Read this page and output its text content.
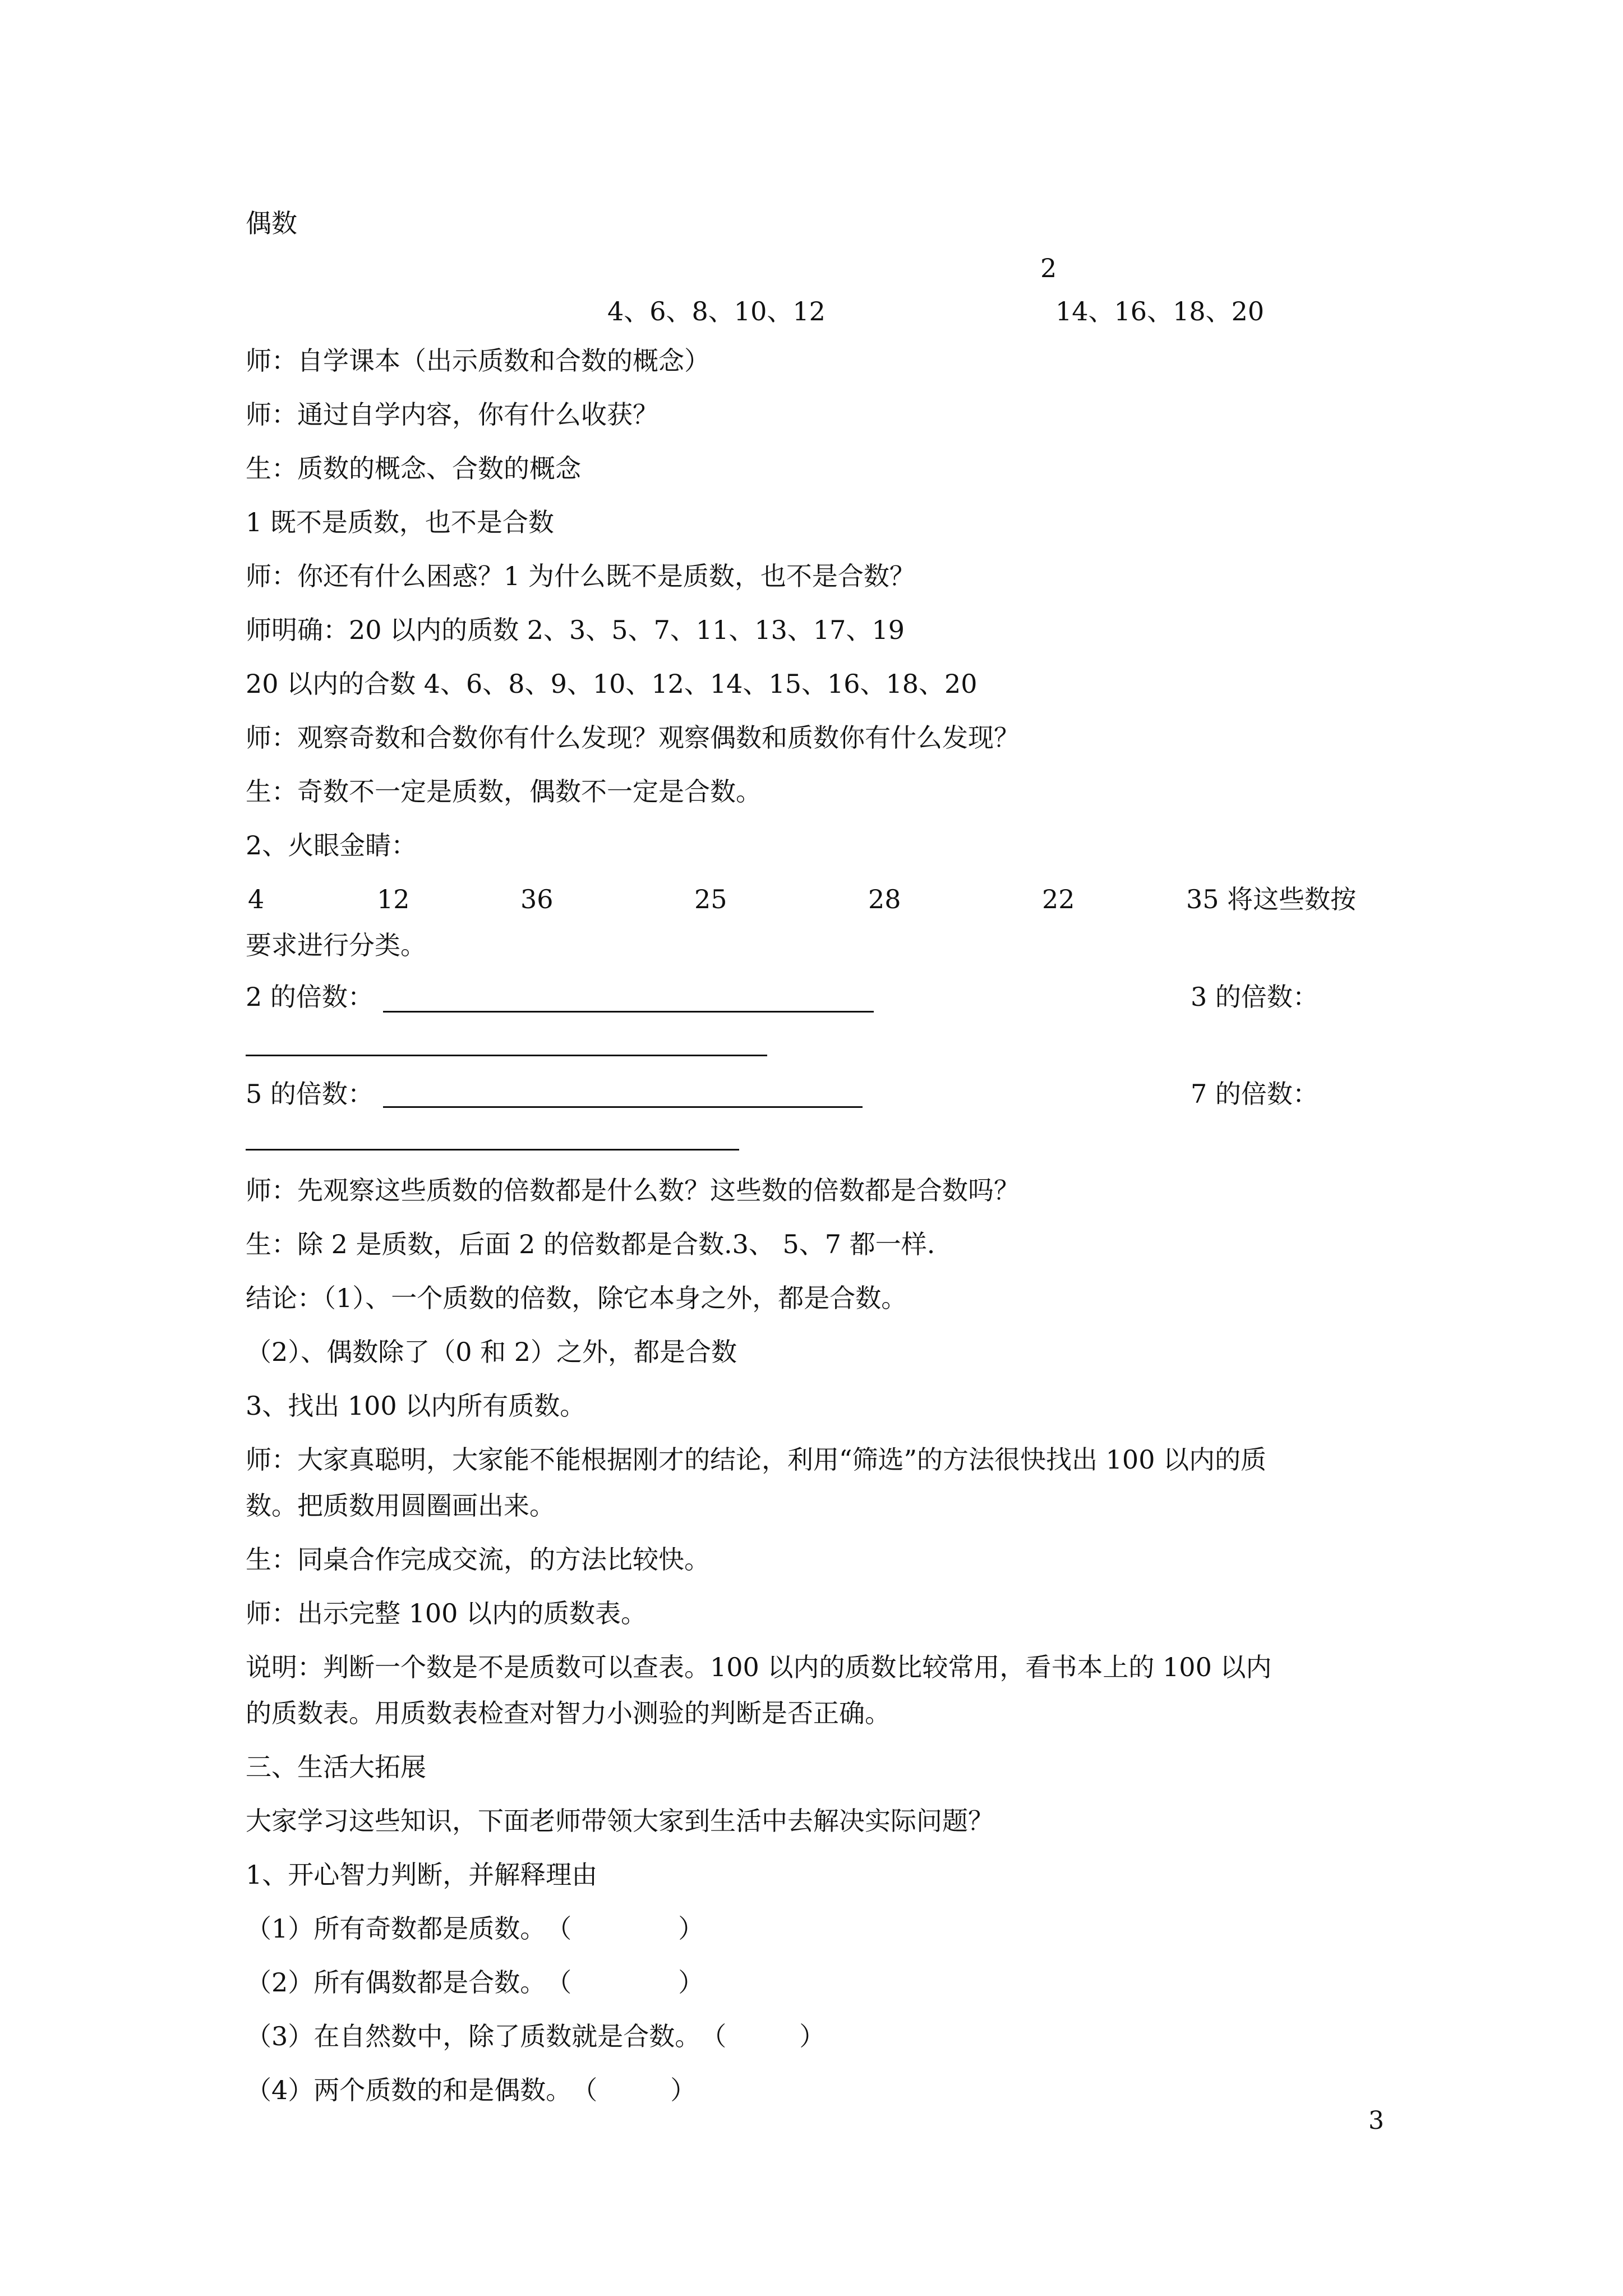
偶数
2
4、6、8、10、12	14、16、18、20
师：自学课本（出示质数和合数的概念）
师：通过自学内容，你有什么收获？
生：质数的概念、合数的概念
1 既不是质数，也不是合数
师：你还有什么困惑？1 为什么既不是质数，也不是合数？
师明确：20 以内的质数 2、3、5、7、11、13、17、19
20 以内的合数 4、6、8、9、10、12、14、15、16、18、20
师：观察奇数和合数你有什么发现？观察偶数和质数你有什么发现？
生：奇数不一定是质数，偶数不一定是合数。
2、火眼金睛：
4	12	36	25	28	22	35 将这些数按
要求进行分类。
2 的倍数：	3 的倍数：
5 的倍数：	7 的倍数：
师：先观察这些质数的倍数都是什么数？这些数的倍数都是合数吗？
生：除 2 是质数，后面 2 的倍数都是合数.3、 5、7 都一样.
结论：（1）、一个质数的倍数，除它本身之外，都是合数。
（2）、偶数除了（0 和 2）之外，都是合数
3、找出 100 以内所有质数。
师：大家真聪明，大家能不能根据刚才的结论，利用“筛选”的方法很快找出 100 以内的质
数。把质数用圆圈画出来。
生：同桌合作完成交流，的方法比较快。
师：出示完整 100 以内的质数表。
说明：判断一个数是不是质数可以查表。100 以内的质数比较常用，看书本上的 100 以内
的质数表。用质数表检查对智力小测验的判断是否正确。
三、生活大拓展
大家学习这些知识，下面老师带领大家到生活中去解决实际问题？
1、开心智力判断，并解释理由
（1）所有奇数都是质数。（	）
（2）所有偶数都是合数。（	）
（3）在自然数中，除了质数就是合数。（	）
（4）两个质数的和是偶数。（	）
3
